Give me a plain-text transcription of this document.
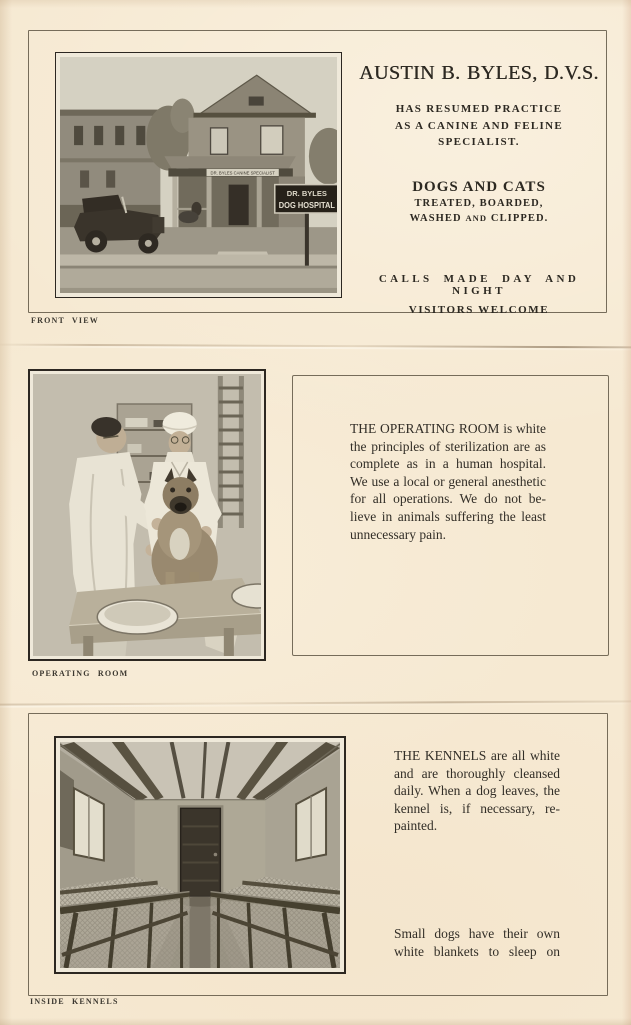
DR. BYLES CANINE SPECIALIST
DR. BYLES
DOG HOSPITAL
FRONT VIEW
AUSTIN B. BYLES, D.V.S.
HAS RESUMED PRACTICE
AS A CANINE AND FELINE
SPECIALIST.
DOGS AND CATS
TREATED, BOARDED,
WASHED AND CLIPPED.
CALLS MADE DAY AND NIGHT
VISITORS WELCOME
OPERATING ROOM
THE OPERATING ROOM is white
the principles of sterilization are as
complete as in a human hospital.
We use a local or general anesthetic
for all operations. We do not be-
lieve in animals suffering the least
unnecessary pain.
INSIDE KENNELS
THE KENNELS are all white
and are thoroughly cleansed
daily. When a dog leaves, the
kennel is, if necessary, re-
painted.
Small dogs have their own
white blankets to sleep on
